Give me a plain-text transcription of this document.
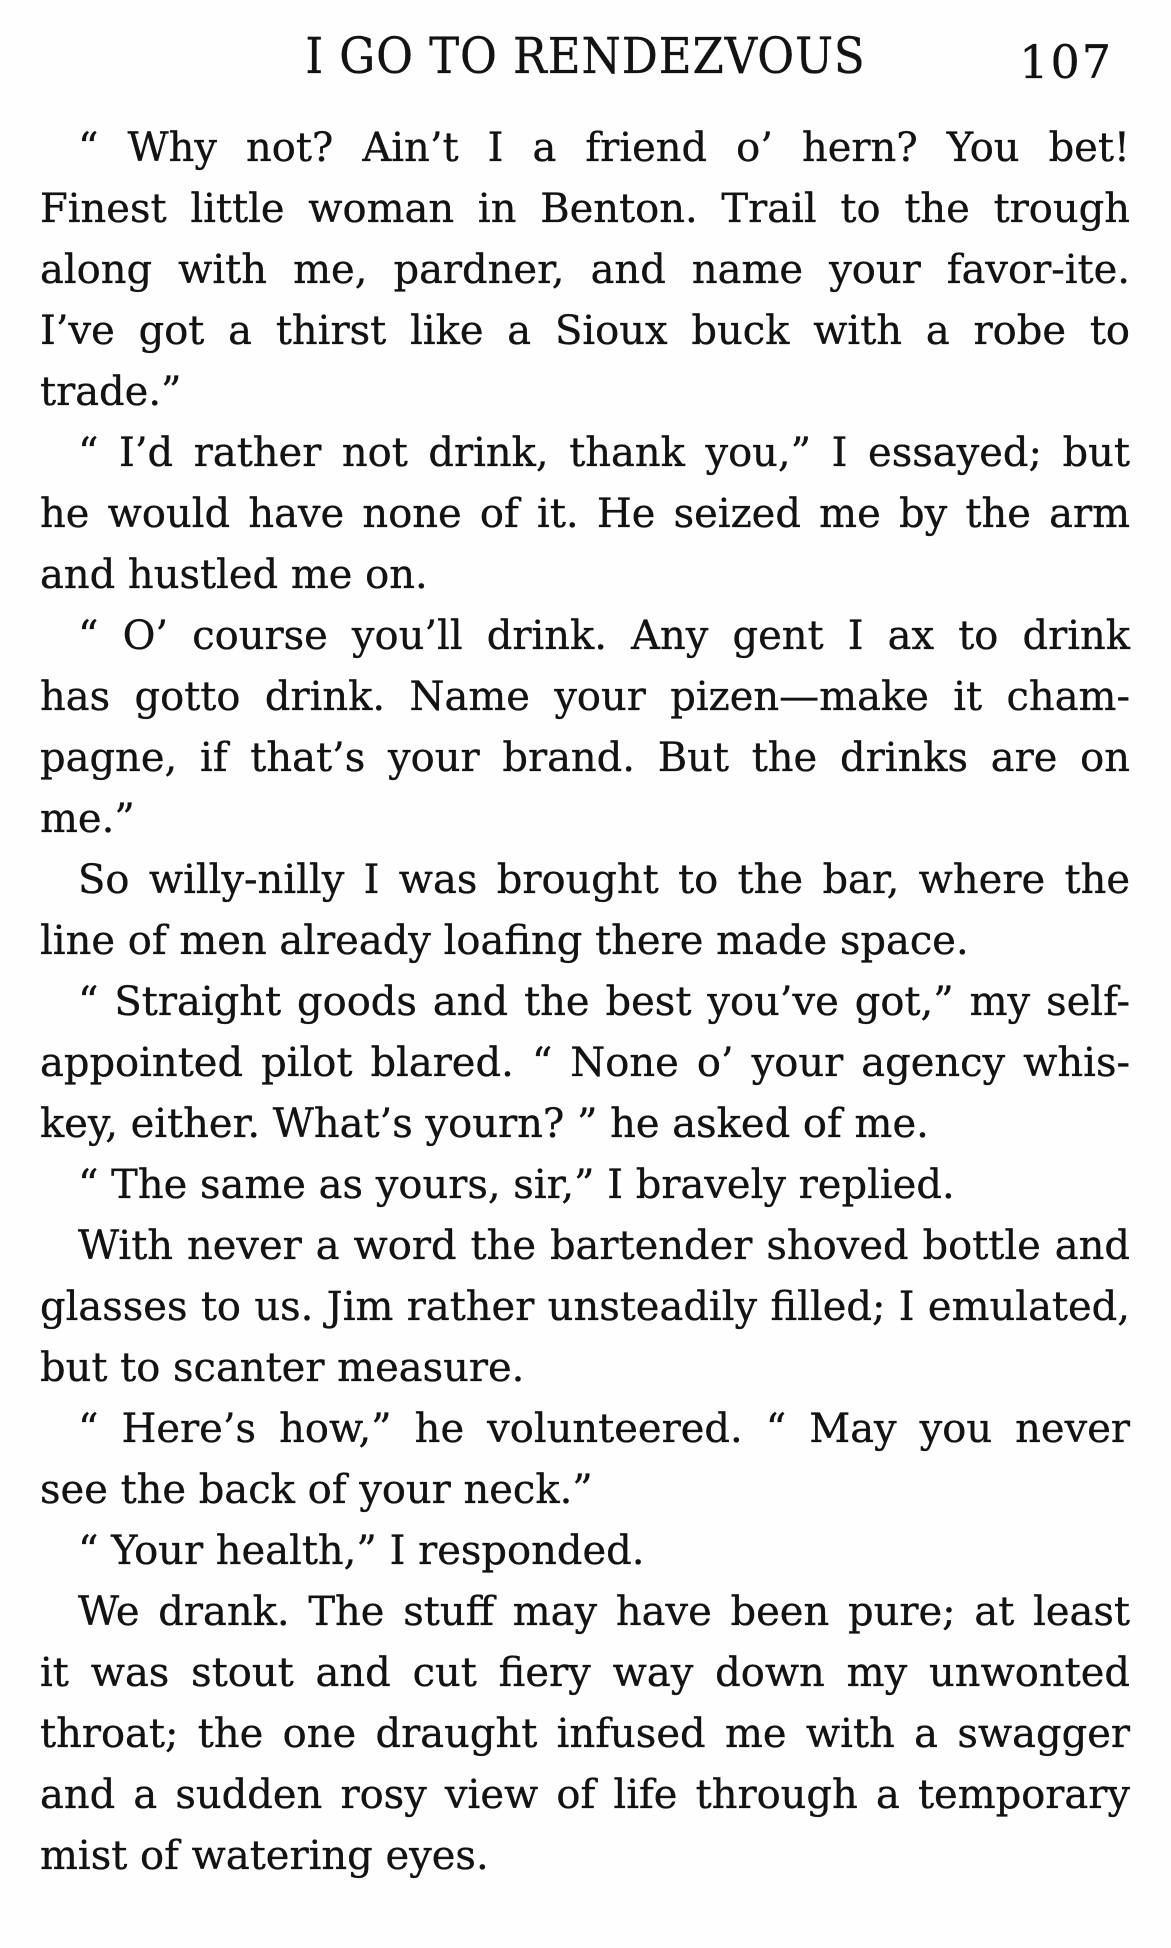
I GO TO RENDEZVOUS	107

“ Why not? Ain’t I a friend o’ hern? You bet!
Finest little woman in Benton. Trail to the trough
along with me, pardner, and name your favor-ite.
I’ve got a thirst like a Sioux buck with a robe to
trade.”

“ I’d rather not drink, thank you,” I essayed; but
he would have none of it. He seized me by the arm
and hustled me on.

“ O’ course you’ll drink. Any gent I ax to drink
has gotto drink. Name your pizen—make it cham-
pagne, if that’s your brand. But the drinks are on
me.”

So willy-nilly I was brought to the bar, where the
line of men already loafing there made space.

“ Straight goods and the best you’ve got,” my self-
appointed pilot blared. “ None o’ your agency whis-
key, either. What’s yourn? ” he asked of me.

“ The same as yours, sir,” I bravely replied.

With never a word the bartender shoved bottle and
glasses to us. Jim rather unsteadily filled; I emulated,
but to scanter measure.

“ Here’s how,” he volunteered. “ May you never
see the back of your neck.”

“ Your health,” I responded.

We drank. The stuff may have been pure; at least
it was stout and cut fiery way down my unwonted
throat; the one draught infused me with a swagger
and a sudden rosy view of life through a temporary
mist of watering eyes.
